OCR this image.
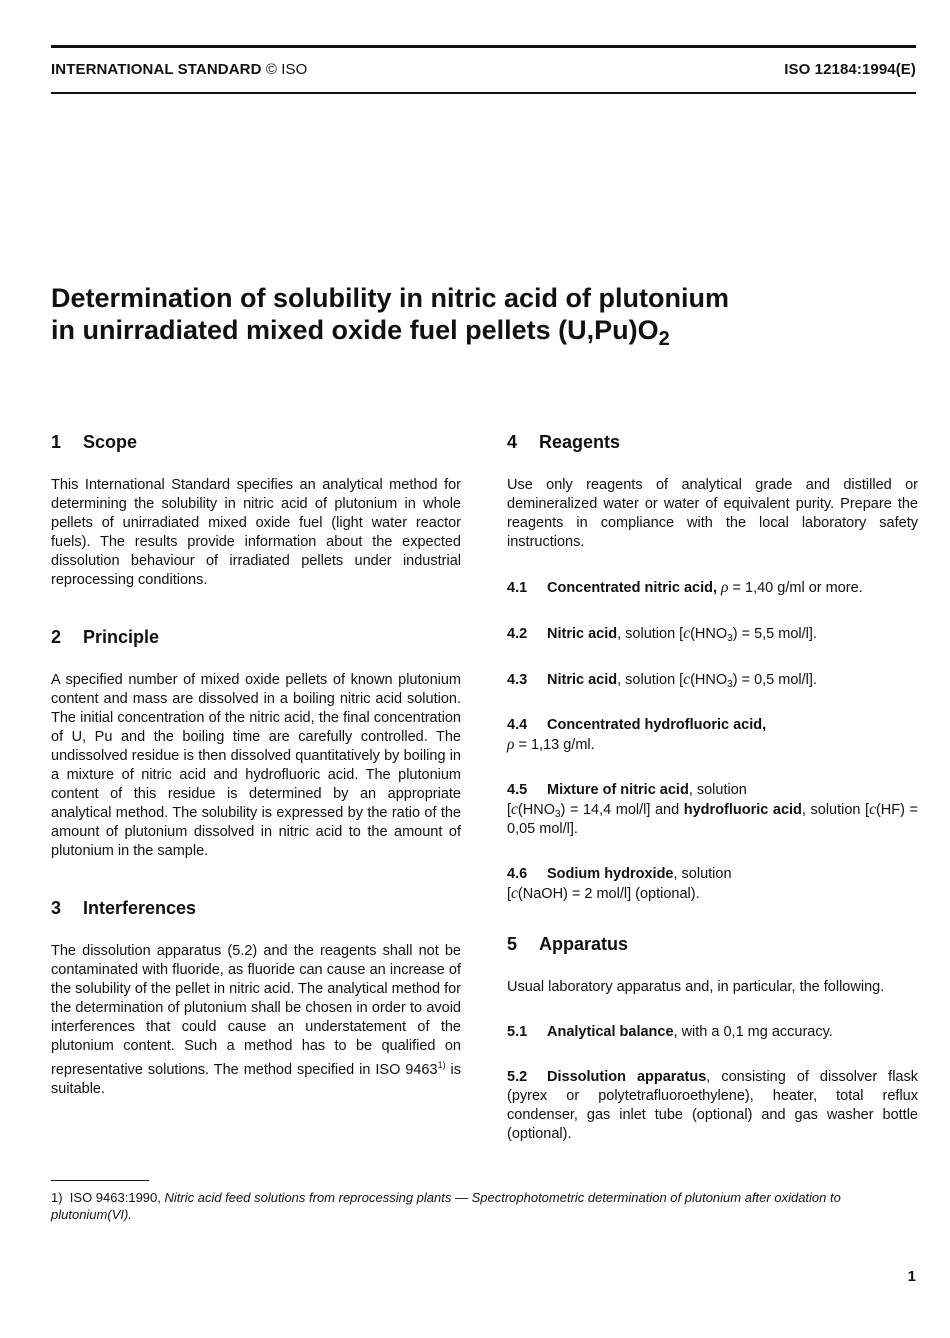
INTERNATIONAL STANDARD © ISO	ISO 12184:1994(E)
Determination of solubility in nitric acid of plutonium
in unirradiated mixed oxide fuel pellets $(U,Pu)O_2$
1 Scope

This International Standard specifies an analytical method for determining the solubility in nitric acid of plutonium in whole pellets of unirradiated mixed oxide fuel (light water reactor fuels). The results provide information about the expected dissolution behaviour of irradiated pellets under industrial reprocessing conditions.

2 Principle

A specified number of mixed oxide pellets of known plutonium content and mass are dissolved in a boiling nitric acid solution. The initial concentration of the nitric acid, the final concentration of U, Pu and the boiling time are carefully controlled. The undissolved residue is then dissolved quantitatively by boiling in a mixture of nitric acid and hydrofluoric acid. The plutonium content of this residue is determined by an appropriate analytical method. The solubility is expressed by the ratio of the amount of plutonium dissolved in nitric acid to the amount of plutonium in the sample.

3 Interferences

The dissolution apparatus (5.2) and the reagents shall not be contaminated with fluoride, as fluoride can cause an increase of the solubility of the pellet in nitric acid. The analytical method for the determination of plutonium shall be chosen in order to avoid interferences that could cause an understatement of the plutonium content. Such a method has to be qualified on representative solutions. The method specified in ISO 9463$^{1)}$ is suitable.

4 Reagents

Use only reagents of analytical grade and distilled or demineralized water or water of equivalent purity. Prepare the reagents in compliance with the local laboratory safety instructions.

4.1 Concentrated nitric acid, ρ = 1,40 g/ml or more.
4.2 Nitric acid, solution [$c(HNO_3) = 5,5$ mol/l].
4.3 Nitric acid, solution [$c(HNO_3) = 0,5$ mol/l].
4.4 Concentrated hydrofluoric acid,
ρ = 1,13 g/ml.
4.5 Mixture of nitric acid, solution
[$c(HNO_3) = 14,4$ mol/l] and hydrofluoric acid, solution [c(HF) = 0,05 mol/l].
4.6 Sodium hydroxide, solution
[c(NaOH) = 2 mol/l] (optional).
5 Apparatus

Usual laboratory apparatus and, in particular, the following.

5.1 Analytical balance, with a 0,1 mg accuracy.
5.2 Dissolution apparatus, consisting of dissolver flask (pyrex or polytetrafluoroethylene), heater, total reflux condenser, gas inlet tube (optional) and gas washer bottle (optional).
1) ISO 9463:1990, Nitric acid feed solutions from reprocessing plants — Spectrophotometric determination of plutonium after oxidation to plutonium(VI).
1
